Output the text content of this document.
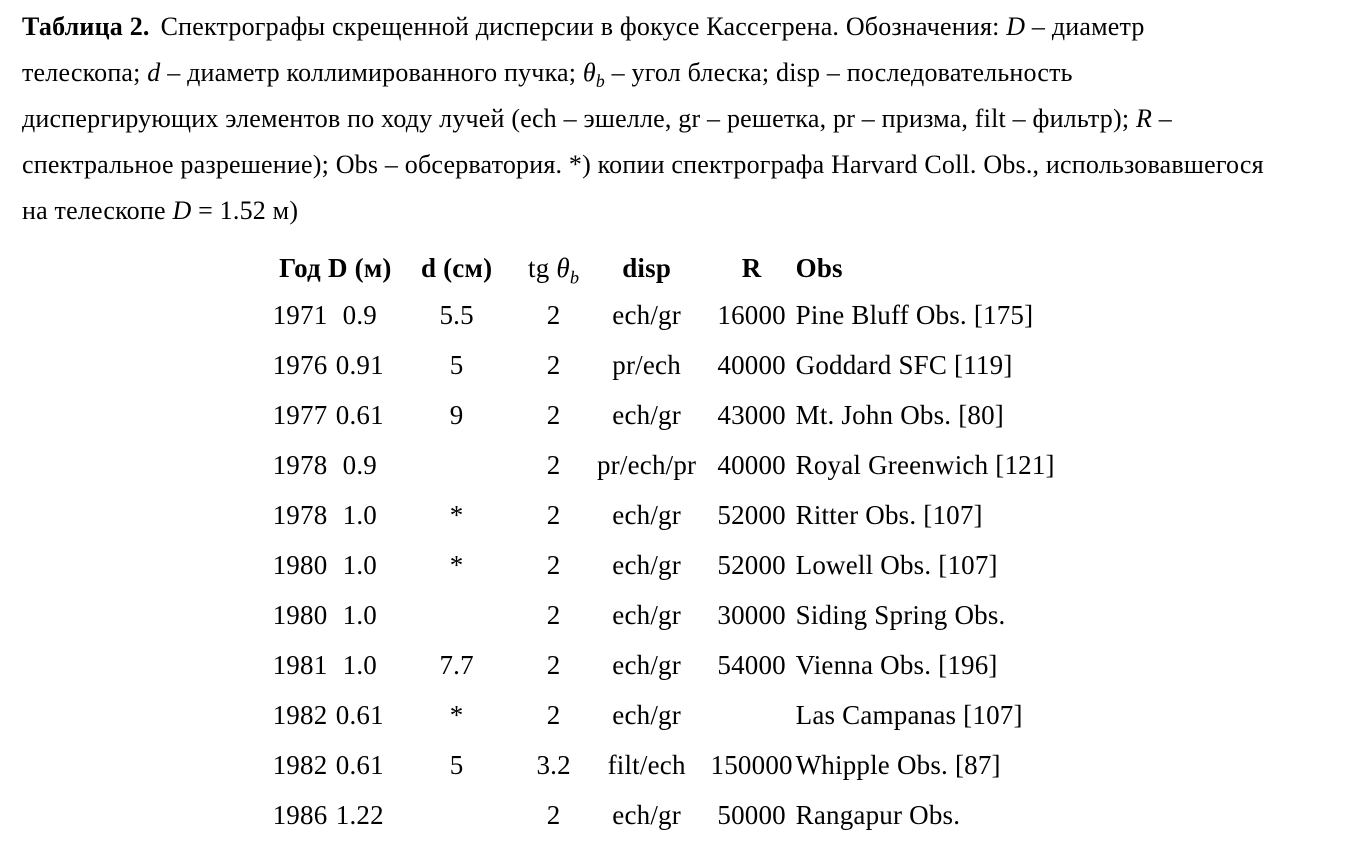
Таблица 2. Спектрографы скрещенной дисперсии в фокусе Кассегрена. Обозначения: D – диаметр
телескопа; d – диаметр коллимированного пучка; $\theta_b$ – угол блеска; disp – последовательность
диспергирующих элементов по ходу лучей (ech – эшелле, gr – решетка, pr – призма, filt – фильтр); R –
спектральное разрешение); Obs – обсерватория. *) копии спектрографа Harvard Coll. Obs., использовавшегося
на телескопе D = 1.52 м)
Год	D (м)	d (см)	tg $\theta_b$	disp	R	Obs
1971	0.9	5.5	2	ech/gr	16000	Pine Bluff Obs. [175]
1976	0.91	5	2	pr/ech	40000	Goddard SFC [119]
1977	0.61	9	2	ech/gr	43000	Mt. John Obs. [80]
1978	0.9		2	pr/ech/pr	40000	Royal Greenwich [121]
1978	1.0	*	2	ech/gr	52000	Ritter Obs. [107]
1980	1.0	*	2	ech/gr	52000	Lowell Obs. [107]
1980	1.0		2	ech/gr	30000	Siding Spring Obs.
1981	1.0	7.7	2	ech/gr	54000	Vienna Obs. [196]
1982	0.61	*	2	ech/gr		Las Campanas [107]
1982	0.61	5	3.2	filt/ech	150000	Whipple Obs. [87]
1986	1.22		2	ech/gr	50000	Rangapur Obs.
